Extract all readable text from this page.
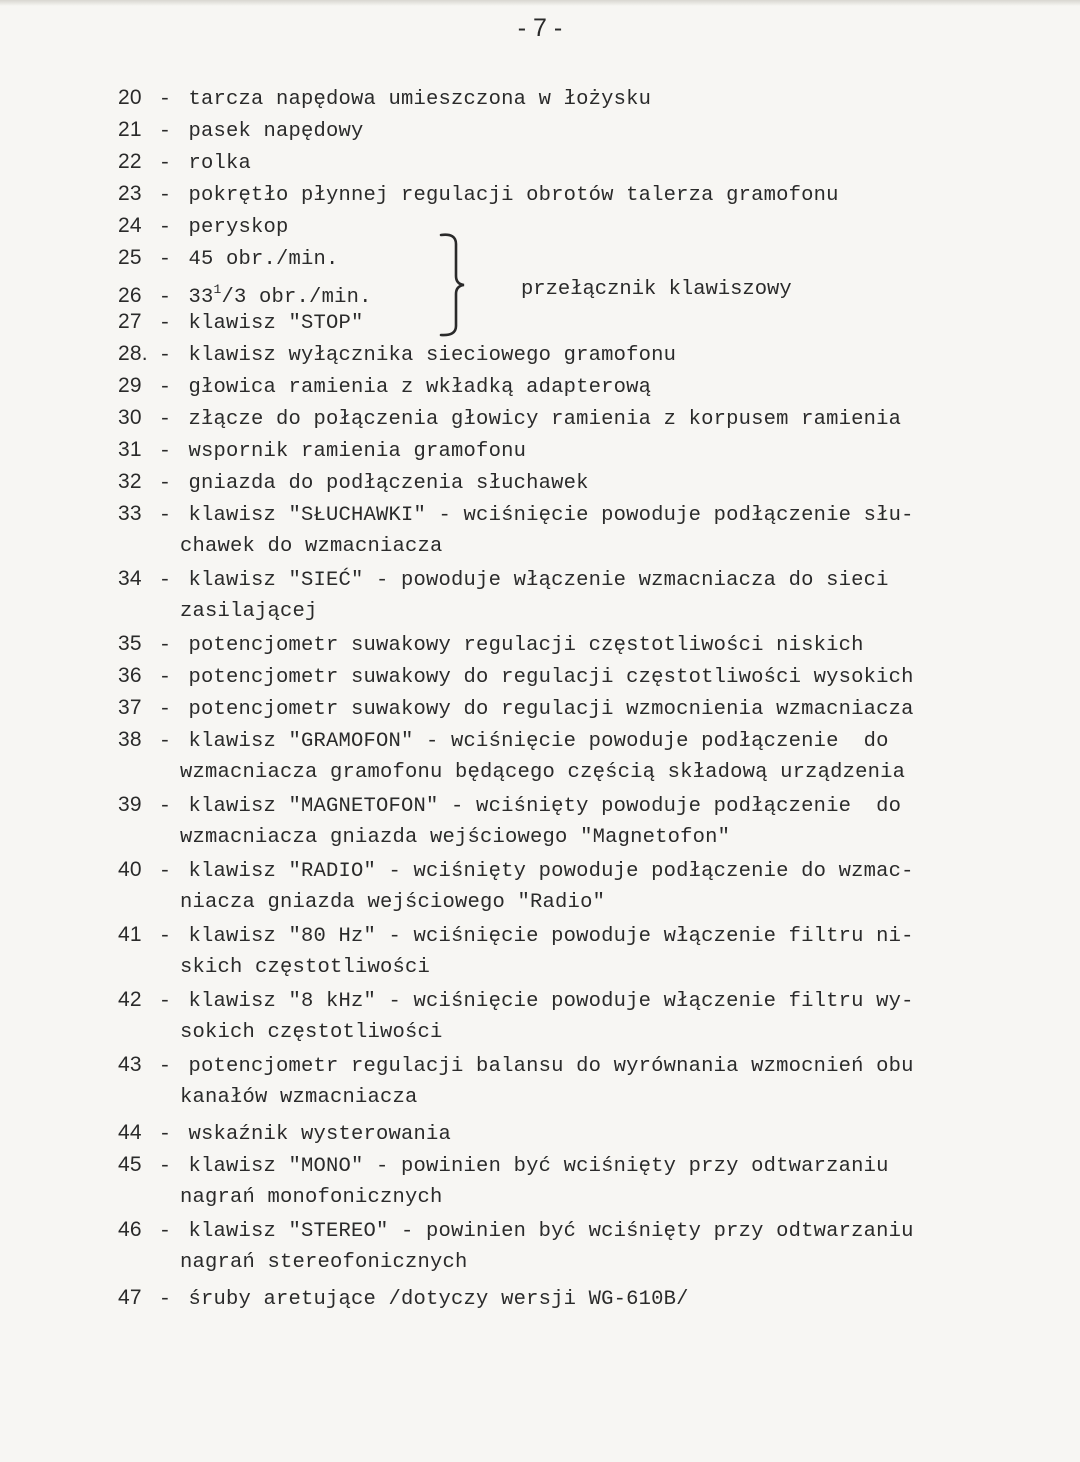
- 7 -
20 - tarcza napędowa umieszczona w łożysku
21 - pasek napędowy
22 - rolka
23 - pokrętło płynnej regulacji obrotów talerza gramofonu
24 - peryskop
25 - 45 obr./min.
$26 - 33^1/3$ obr./min.
27 - klawisz "STOP"
28. - klawisz wyłącznika sieciowego gramofonu
29 - głowica ramienia z wkładką adapterową
30 - złącze do połączenia głowicy ramienia z korpusem ramienia
31 - wspornik ramienia gramofonu
32 - gniazda do podłączenia słuchawek
33 - klawisz "SŁUCHAWKI" - wciśnięcie powoduje podłączenie słu-
chawek do wzmacniacza
34 - klawisz "SIEĆ" - powoduje włączenie wzmacniacza do sieci
zasilającej
35 - potencjometr suwakowy regulacji częstotliwości niskich
36 - potencjometr suwakowy do regulacji częstotliwości wysokich
37 - potencjometr suwakowy do regulacji wzmocnienia wzmacniacza
38 - klawisz "GRAMOFON" - wciśnięcie powoduje podłączenie  do
wzmacniacza gramofonu będącego częścią składową urządzenia
39 - klawisz "MAGNETOFON" - wciśnięty powoduje podłączenie  do
wzmacniacza gniazda wejściowego "Magnetofon"
40 - klawisz "RADIO" - wciśnięty powoduje podłączenie do wzmac-
niacza gniazda wejściowego "Radio"
41 - klawisz "80 Hz" - wciśnięcie powoduje włączenie filtru ni-
skich częstotliwości
42 - klawisz "8 kHz" - wciśnięcie powoduje włączenie filtru wy-
sokich częstotliwości
43 - potencjometr regulacji balansu do wyrównania wzmocnień obu
kanałów wzmacniacza
44 - wskaźnik wysterowania
45 - klawisz "MONO" - powinien być wciśnięty przy odtwarzaniu
nagrań monofonicznych
46 - klawisz "STEREO" - powinien być wciśnięty przy odtwarzaniu
nagrań stereofonicznych
47 - śruby aretujące /dotyczy wersji WG-610B/
przełącznik klawiszowy
